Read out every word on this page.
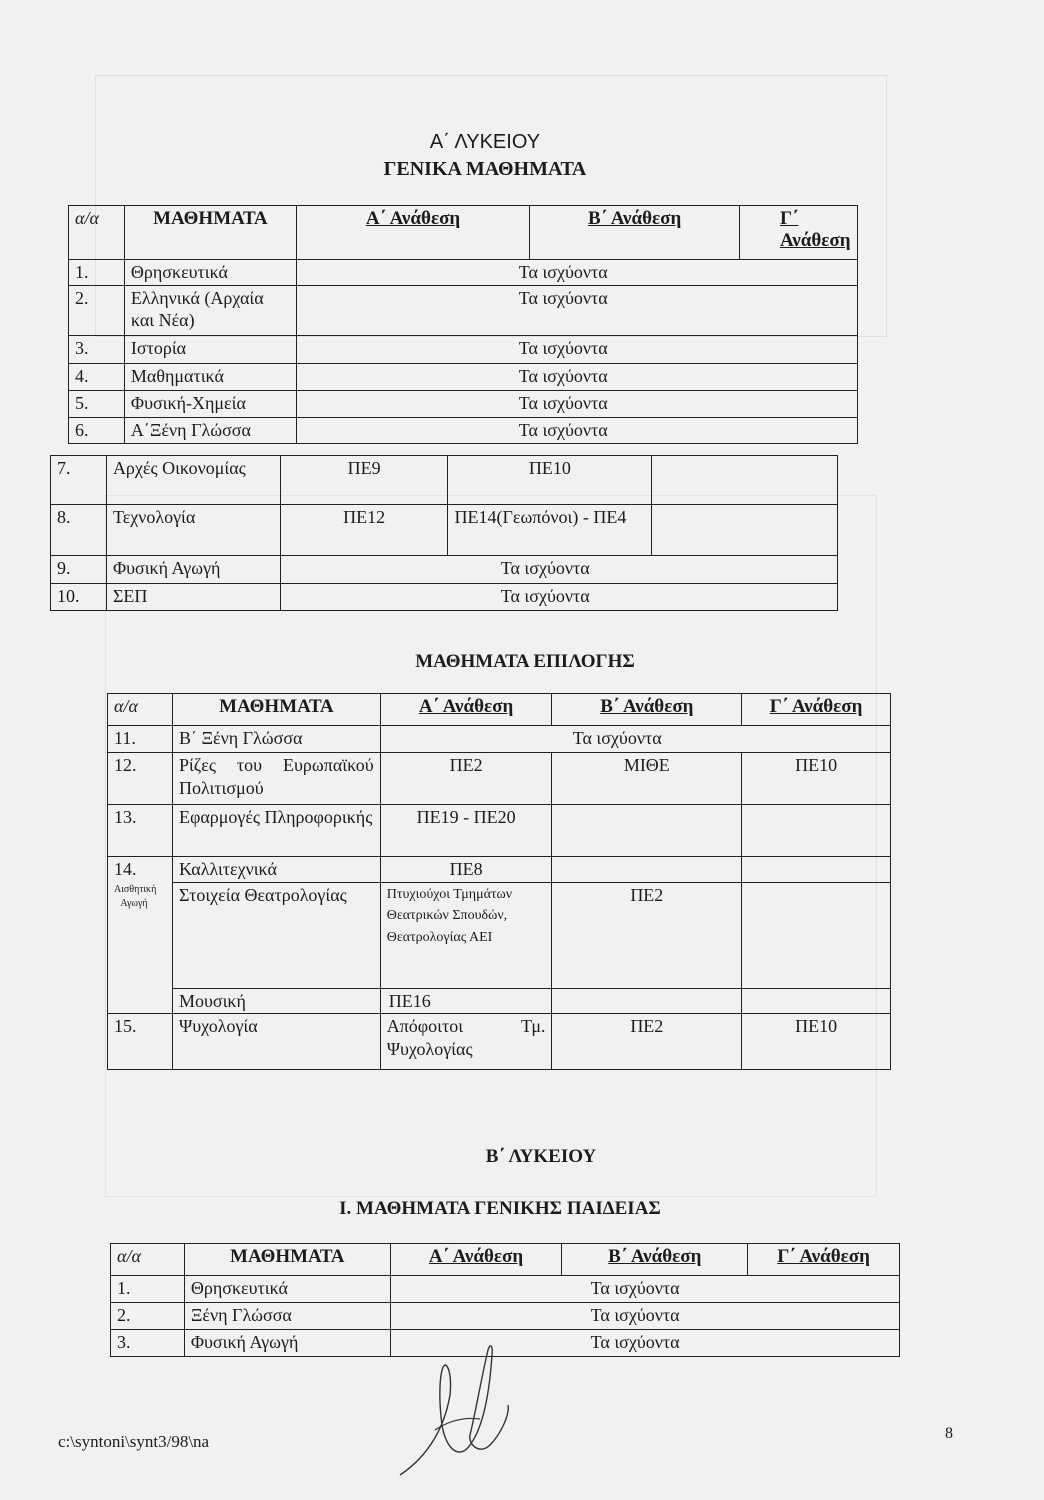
Α΄ ΛΥΚΕΙΟΥ
ΓΕΝΙΚΑ ΜΑΘΗΜΑΤΑ
α/α	ΜΑΘΗΜΑΤΑ	Α΄ Ανάθεση	Β΄ Ανάθεση	Γ΄ Ανάθεση
1.	Θρησκευτικά	Τα ισχύοντα		
2.	Ελληνικά (Αρχαία και Νέα)	Τα ισχύοντα		
3.	Ιστορία	Τα ισχύοντα		
4.	Μαθηματικά	Τα ισχύοντα		
5.	Φυσική-Χημεία	Τα ισχύοντα		
6.	Α΄Ξένη Γλώσσα	Τα ισχύοντα		
7.	Αρχές Οικονομίας	ΠΕ9	ΠΕ10	
8.	Τεχνολογία	ΠΕ12	ΠΕ14(Γεωπόνοι) - ΠΕ4	
9.	Φυσική Αγωγή	Τα ισχύοντα		
10.	ΣΕΠ	Τα ισχύοντα		
ΜΑΘΗΜΑΤΑ ΕΠΙΛΟΓΗΣ
α/α	ΜΑΘΗΜΑΤΑ	Α΄ Ανάθεση	Β΄ Ανάθεση	Γ΄ Ανάθεση
11.	Β΄ Ξένη Γλώσσα	Τα ισχύοντα		
12.	Ρίζες του Ευρωπαϊκού Πολιτισμού	ΠΕ2	ΜΙΘΕ	ΠΕ10
13.	Εφαρμογές Πληροφορικής	ΠΕ19 - ΠΕ20		
14.	Καλλιτεχνικά	ΠΕ8		

Αισθητική Αγωγή	Στοιχεία Θεατρολογίας	Πτυχιούχοι Τμημάτων Θεατρικών Σπουδών, Θεατρολογίας ΑΕΙ	ΠΕ2	
	Μουσική	ΠΕ16		
15.	Ψυχολογία	Απόφοιτοι Τμ. Ψυχολογίας	ΠΕ2	ΠΕ10
Β΄ ΛΥΚΕΙΟΥ
Ι. ΜΑΘΗΜΑΤΑ ΓΕΝΙΚΗΣ ΠΑΙΔΕΙΑΣ
α/α	ΜΑΘΗΜΑΤΑ	Α΄ Ανάθεση	Β΄ Ανάθεση	Γ΄ Ανάθεση
1.	Θρησκευτικά	Τα ισχύοντα		
2.	Ξένη Γλώσσα	Τα ισχύοντα		
3.	Φυσική Αγωγή	Τα ισχύοντα		
c:\syntoni\synt3/98\na	8
